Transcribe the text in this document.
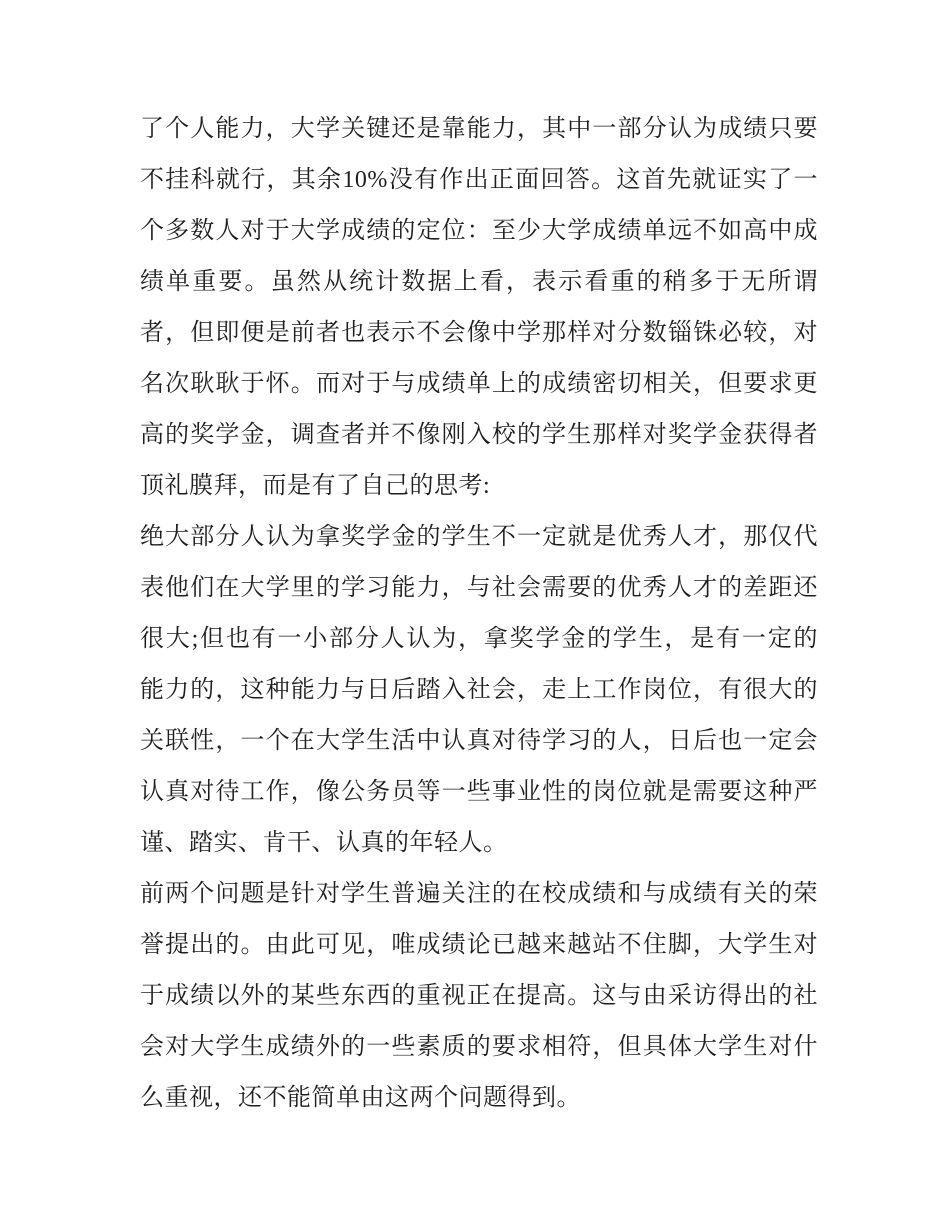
了个人能力，大学关键还是靠能力，其中一部分认为成绩只要
不挂科就行，其余10%没有作出正面回答。这首先就证实了一
个多数人对于大学成绩的定位：至少大学成绩单远不如高中成
绩单重要。虽然从统计数据上看，表示看重的稍多于无所谓
者，但即便是前者也表示不会像中学那样对分数锱铢必较，对
名次耿耿于怀。而对于与成绩单上的成绩密切相关，但要求更
高的奖学金，调查者并不像刚入校的学生那样对奖学金获得者
顶礼膜拜，而是有了自己的思考:
绝大部分人认为拿奖学金的学生不一定就是优秀人才，那仅代
表他们在大学里的学习能力，与社会需要的优秀人才的差距还
很大;但也有一小部分人认为，拿奖学金的学生，是有一定的
能力的，这种能力与日后踏入社会，走上工作岗位，有很大的
关联性，一个在大学生活中认真对待学习的人，日后也一定会
认真对待工作，像公务员等一些事业性的岗位就是需要这种严
谨、踏实、肯干、认真的年轻人。
前两个问题是针对学生普遍关注的在校成绩和与成绩有关的荣
誉提出的。由此可见，唯成绩论已越来越站不住脚，大学生对
于成绩以外的某些东西的重视正在提高。这与由采访得出的社
会对大学生成绩外的一些素质的要求相符，但具体大学生对什
么重视，还不能简单由这两个问题得到。
